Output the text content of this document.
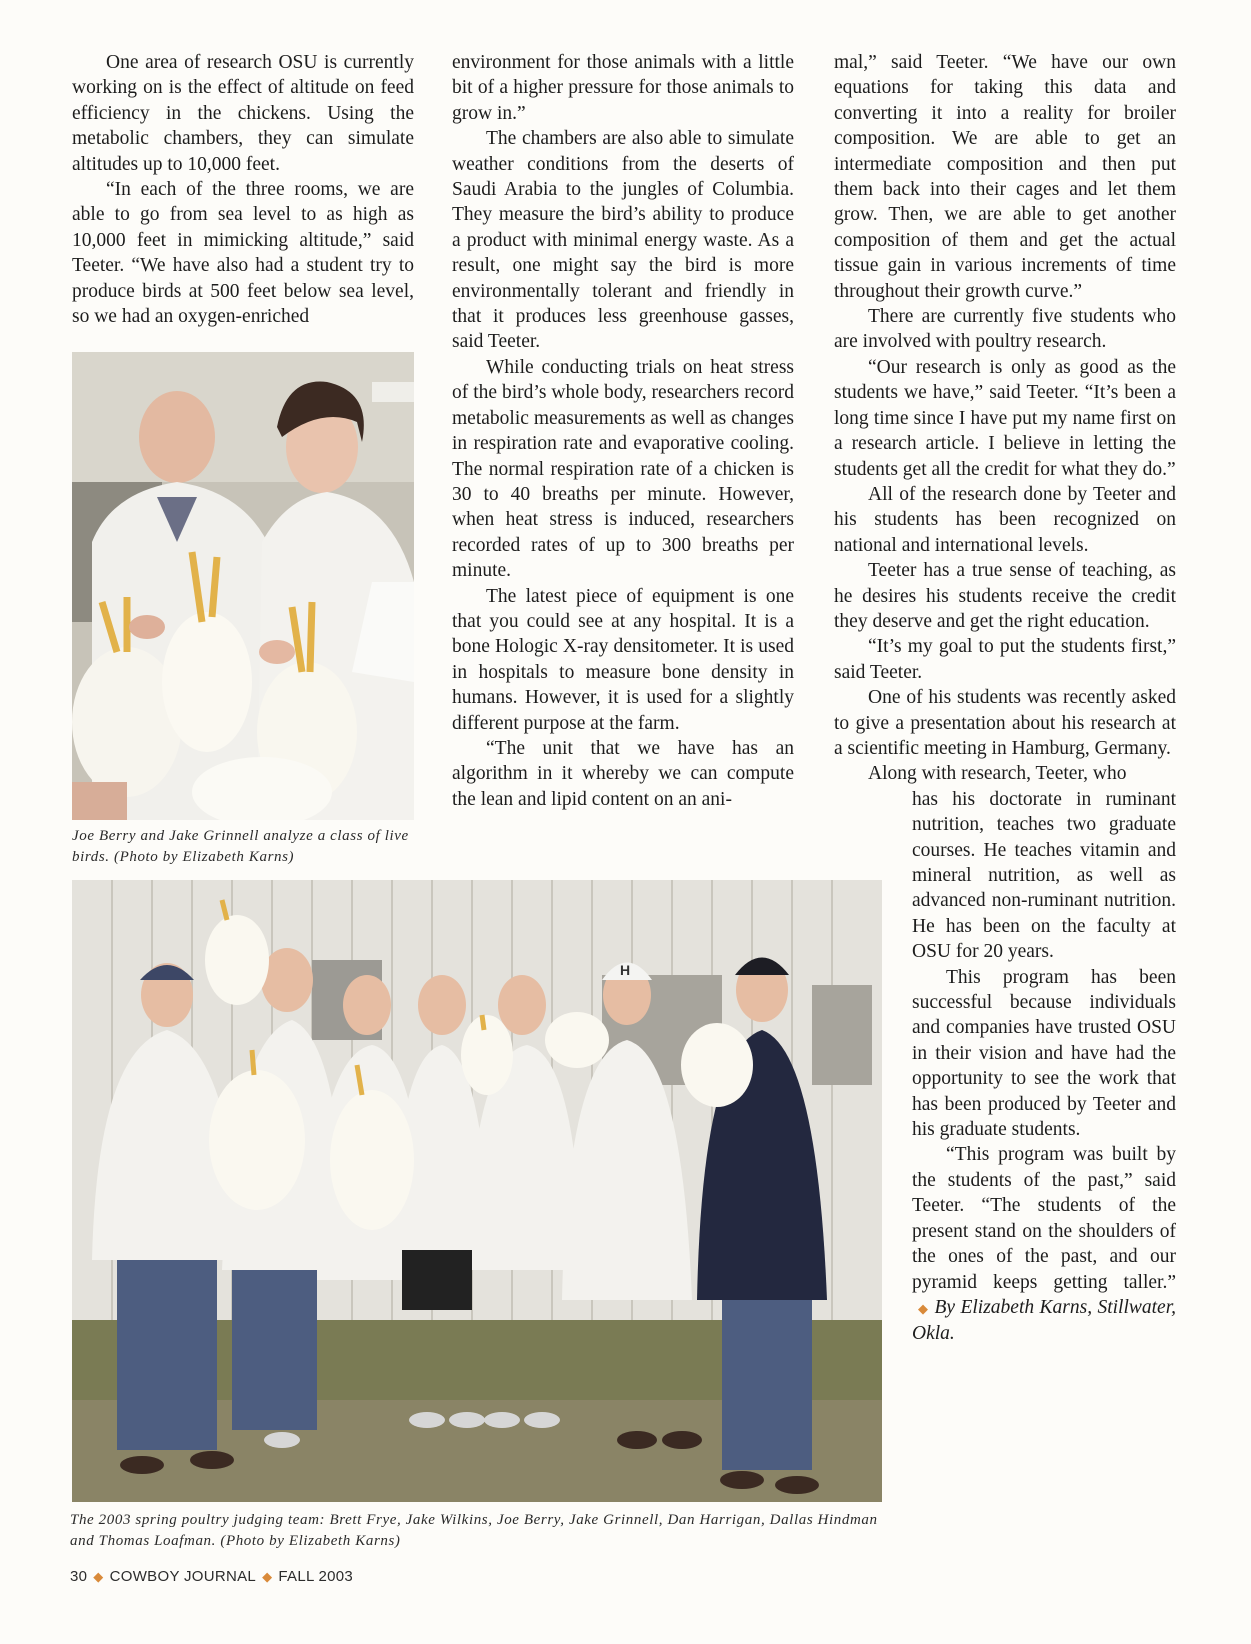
One area of research OSU is currently working on is the effect of altitude on feed efficiency in the chickens. Using the metabolic chambers, they can simulate altitudes up to 10,000 feet.

“In each of the three rooms, we are able to go from sea level to as high as 10,000 feet in mimicking altitude,” said Teeter. “We have also had a student try to produce birds at 500 feet below sea level, so we had an oxygen-enriched

Joe Berry and Jake Grinnell analyze a class of live birds. (Photo by Elizabeth Karns)

environment for those animals with a little bit of a higher pressure for those animals to grow in.”

The chambers are also able to simulate weather conditions from the deserts of Saudi Arabia to the jungles of Columbia. They measure the bird’s ability to produce a product with minimal energy waste. As a result, one might say the bird is more environmentally tolerant and friendly in that it produces less greenhouse gasses, said Teeter.

While conducting trials on heat stress of the bird’s whole body, researchers record metabolic measurements as well as changes in respiration rate and evaporative cooling. The normal respiration rate of a chicken is 30 to 40 breaths per minute. However, when heat stress is induced, researchers recorded rates of up to 300 breaths per minute.

The latest piece of equipment is one that you could see at any hospital. It is a bone Hologic X-ray densitometer. It is used in hospitals to measure bone density in humans. However, it is used for a slightly different purpose at the farm.

“The unit that we have has an algorithm in it whereby we can compute the lean and lipid content on an ani-

mal,” said Teeter. “We have our own equations for taking this data and converting it into a reality for broiler composition. We are able to get an intermediate composition and then put them back into their cages and let them grow. Then, we are able to get another composition of them and get the actual tissue gain in various increments of time throughout their growth curve.”

There are currently five students who are involved with poultry research.

“Our research is only as good as the students we have,” said Teeter. “It’s been a long time since I have put my name first on a research article. I believe in letting the students get all the credit for what they do.”

All of the research done by Teeter and his students has been recognized on national and international levels.

Teeter has a true sense of teaching, as he desires his students receive the credit they deserve and get the right education.

“It’s my goal to put the students first,” said Teeter.

One of his students was recently asked to give a presentation about his research at a scientific meeting in Hamburg, Germany.

Along with research, Teeter, who

has his doctorate in ruminant nutrition, teaches two graduate courses. He teaches vitamin and mineral nutrition, as well as advanced non-ruminant nutrition. He has been on the faculty at OSU for 20 years.

This program has been successful because individuals and companies have trusted OSU in their vision and have had the opportunity to see the work that has been produced by Teeter and his graduate students.

“This program was built by the students of the past,” said Teeter. “The students of the present stand on the shoulders of the ones of the past, and our pyramid keeps getting taller.” ◆ By Elizabeth Karns, Stillwater, Okla.

H
The 2003 spring poultry judging team: Brett Frye, Jake Wilkins, Joe Berry, Jake Grinnell, Dan Harrigan, Dallas Hindman and Thomas Loafman. (Photo by Elizabeth Karns)
30 ◆ COWBOY JOURNAL ◆ FALL 2003
